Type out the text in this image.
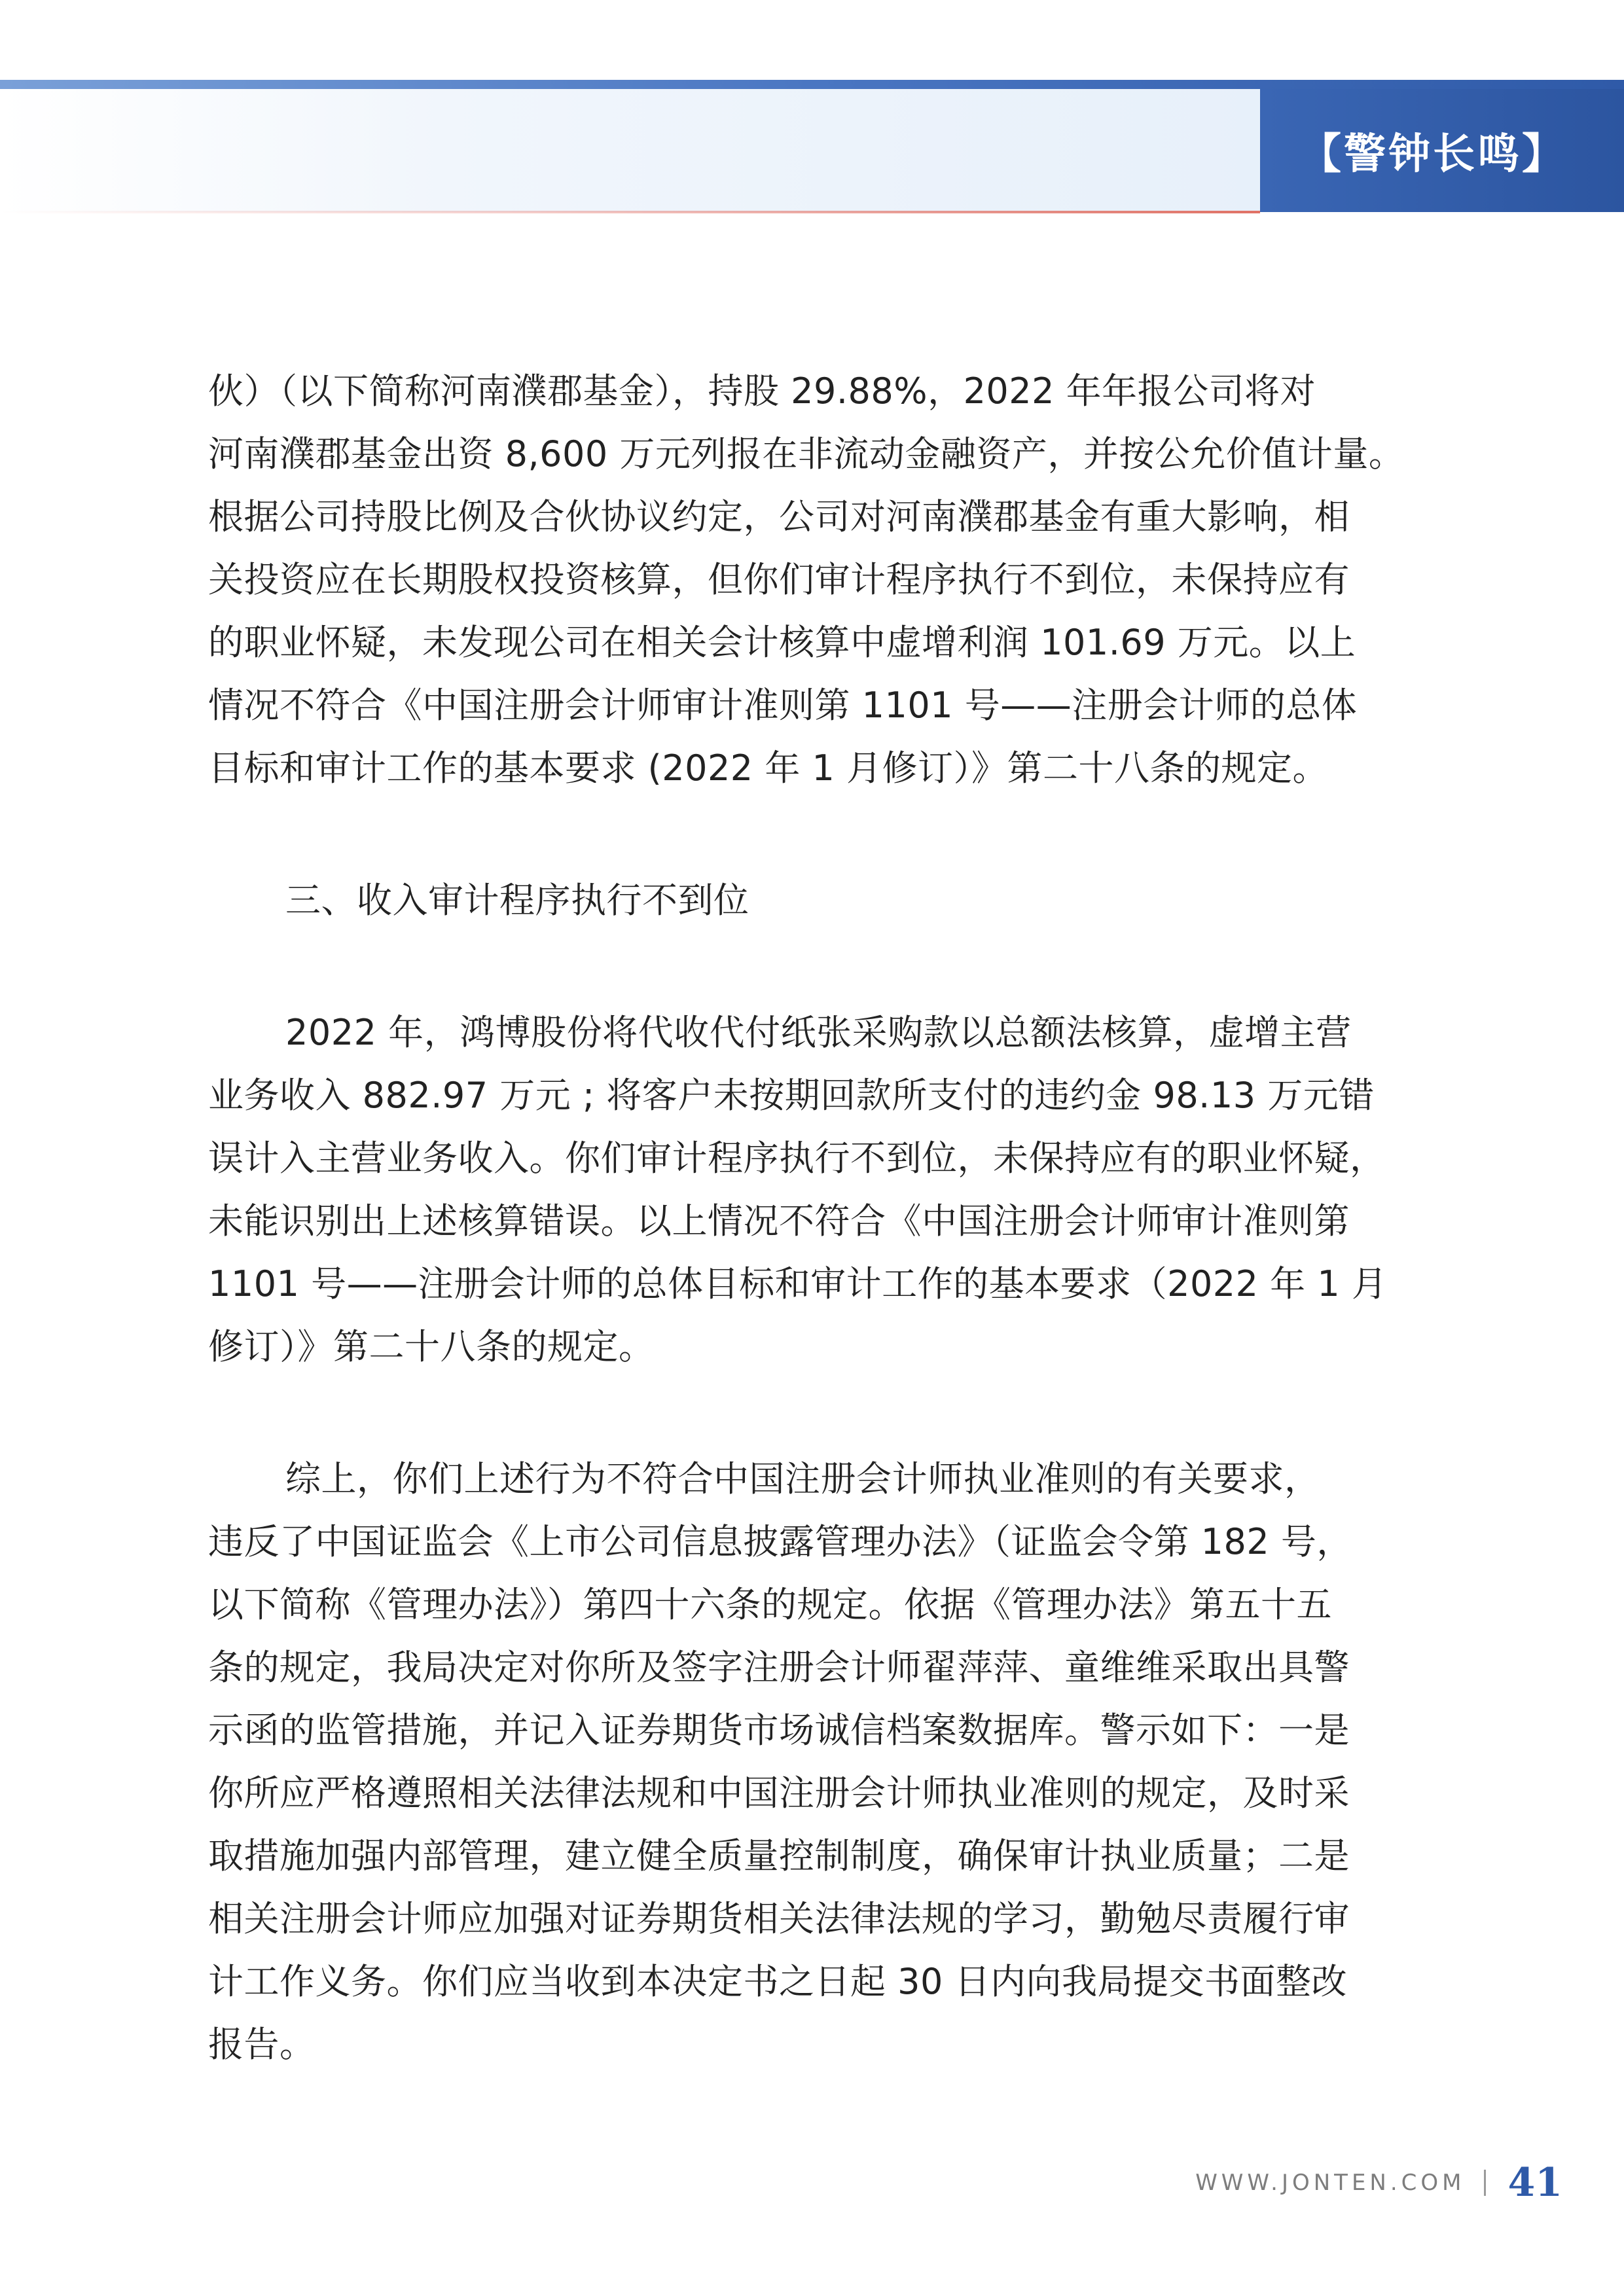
【警钟长鸣】
伙）（以下简称河南濮郡基金），持股 29.88%，2022 年年报公司将对
河南濮郡基金出资 8,600 万元列报在非流动金融资产，并按公允价值计量。
根据公司持股比例及合伙协议约定，公司对河南濮郡基金有重大影响，相
关投资应在长期股权投资核算，但你们审计程序执行不到位，未保持应有
的职业怀疑，未发现公司在相关会计核算中虚增利润 101.69 万元。以上
情况不符合《中国注册会计师审计准则第 1101 号——注册会计师的总体
目标和审计工作的基本要求 (2022 年 1 月修订）》第二十八条的规定。
三、收入审计程序执行不到位
2022 年，鸿博股份将代收代付纸张采购款以总额法核算，虚增主营
业务收入 882.97 万元 ; 将客户未按期回款所支付的违约金 98.13 万元错
误计入主营业务收入。你们审计程序执行不到位，未保持应有的职业怀疑，
未能识别出上述核算错误。以上情况不符合《中国注册会计师审计准则第
1101 号——注册会计师的总体目标和审计工作的基本要求（2022 年 1 月
修订）》第二十八条的规定。
综上，你们上述行为不符合中国注册会计师执业准则的有关要求，
违反了中国证监会《上市公司信息披露管理办法》（证监会令第 182 号，
以下简称《管理办法》）第四十六条的规定。依据《管理办法》第五十五
条的规定，我局决定对你所及签字注册会计师翟萍萍、童维维采取出具警
示函的监管措施，并记入证券期货市场诚信档案数据库。警示如下：一是
你所应严格遵照相关法律法规和中国注册会计师执业准则的规定，及时采
取措施加强内部管理，建立健全质量控制制度，确保审计执业质量；二是
相关注册会计师应加强对证券期货相关法律法规的学习，勤勉尽责履行审
计工作义务。你们应当收到本决定书之日起 30 日内向我局提交书面整改
报告。
WWW.JONTEN.COM 41
